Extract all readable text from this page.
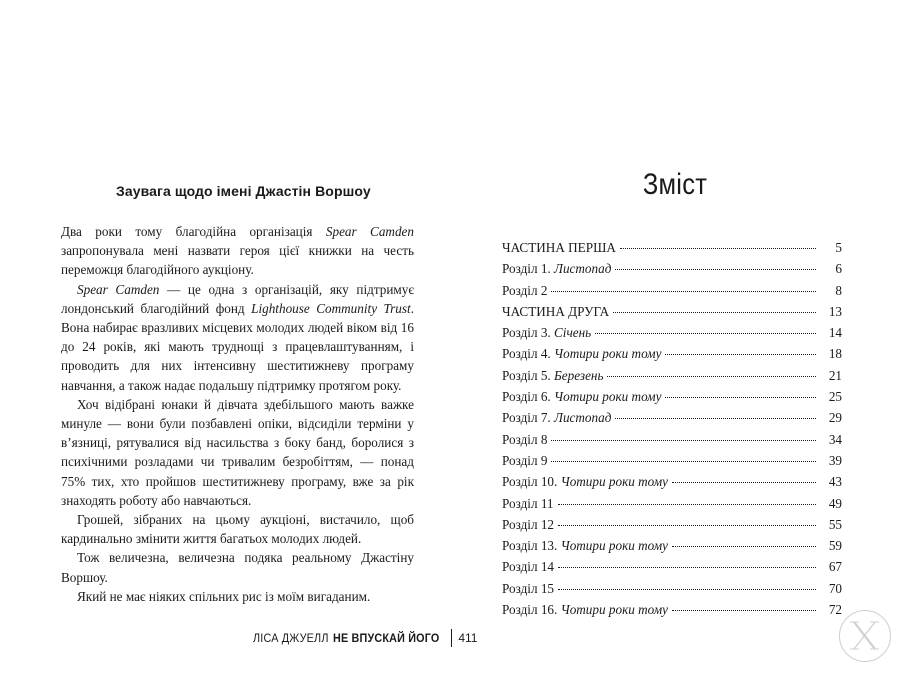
Заувага щодо імені Джастін Воршоу

Два роки тому благодійна організація Spear Camden запропонувала мені назвати героя цієї книжки на честь переможця благодійного аукціону.

Spear Camden — це одна з організацій, яку підтримує лондонський благодійний фонд Lighthouse Community Trust. Вона набирає вразливих місцевих молодих людей віком від 16 до 24 років, які мають труднощі з працевлаштуванням, і проводить для них інтенсивну шеститижневу програму навчання, а також надає подальшу підтримку протягом року.

Хоч відібрані юнаки й дівчата здебільшого мають важке минуле — вони були позбавлені опіки, відсиділи терміни у в’язниці, рятувалися від насильства з боку банд, боролися з психічними розладами чи тривалим безробіттям, — понад 75% тих, хто пройшов шеститижневу програму, вже за рік знаходять роботу або навчаються.

Грошей, зібраних на цьому аукціоні, вистачило, щоб кардинально змінити життя багатьох молодих людей.

Тож величезна, величезна подяка реальному Джастіну Воршоу.

Який не має ніяких спільних рис із моїм вигаданим.

Зміст
ЧАСТИНА ПЕРША	5
Розділ 1. Листопад	6
Розділ 2	8
ЧАСТИНА ДРУГА	13
Розділ 3. Січень	14
Розділ 4. Чотири роки тому	18
Розділ 5. Березень	21
Розділ 6. Чотири роки тому	25
Розділ 7. Листопад	29
Розділ 8	34
Розділ 9	39
Розділ 10. Чотири роки тому	43
Розділ 11	49
Розділ 12	55
Розділ 13. Чотири роки тому	59
Розділ 14	67
Розділ 15	70
Розділ 16. Чотири роки тому	72
ЛІСА ДЖУЕЛЛ НЕ ВПУСКАЙ ЙОГО 411
